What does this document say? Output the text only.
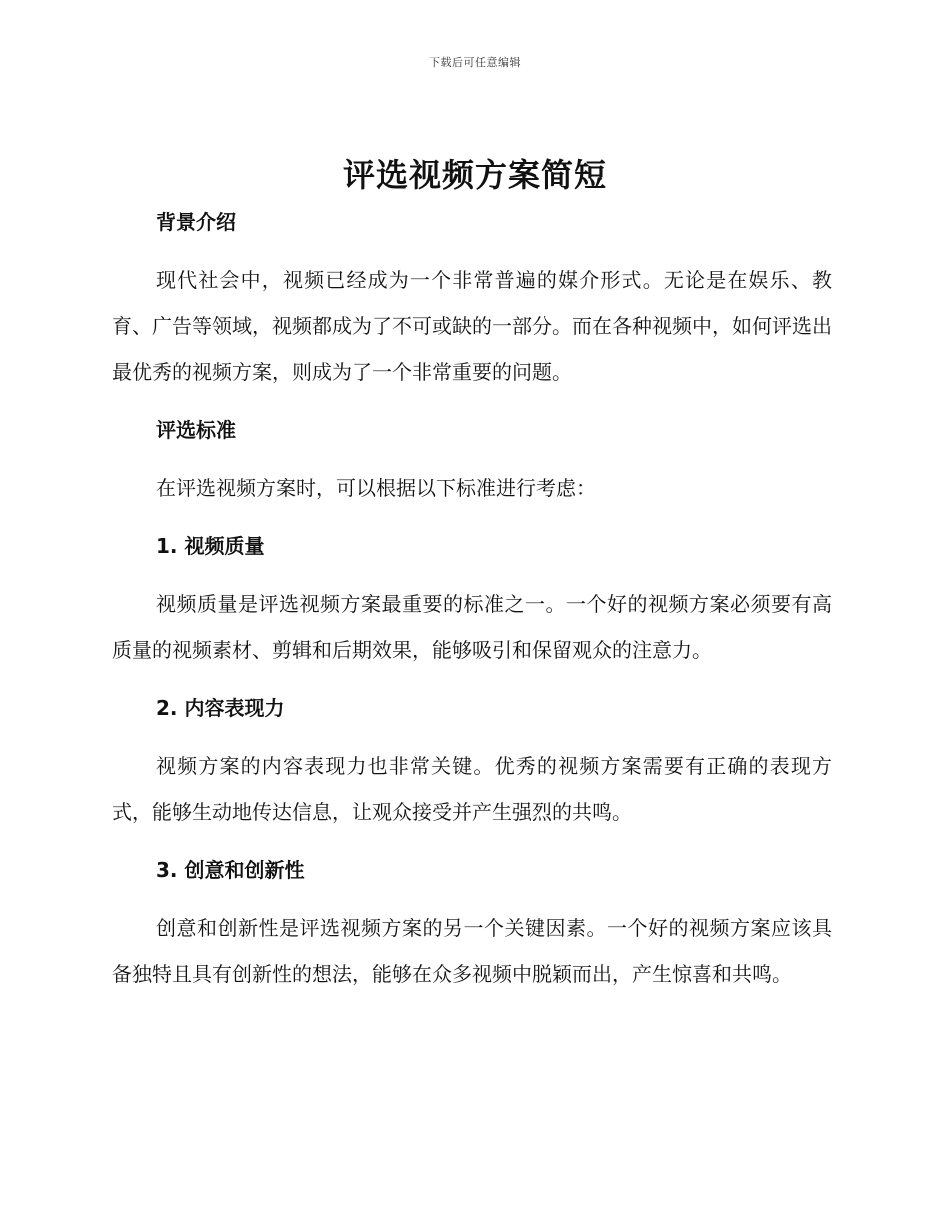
下载后可任意编辑
评选视频方案简短
背景介绍

现代社会中，视频已经成为一个非常普遍的媒介形式。无论是在娱乐、教育、广告等领域，视频都成为了不可或缺的一部分。而在各种视频中，如何评选出最优秀的视频方案，则成为了一个非常重要的问题。

评选标准

在评选视频方案时，可以根据以下标准进行考虑：

1. 视频质量

视频质量是评选视频方案最重要的标准之一。一个好的视频方案必须要有高质量的视频素材、剪辑和后期效果，能够吸引和保留观众的注意力。

2. 内容表现力

视频方案的内容表现力也非常关键。优秀的视频方案需要有正确的表现方式，能够生动地传达信息，让观众接受并产生强烈的共鸣。

3. 创意和创新性

创意和创新性是评选视频方案的另一个关键因素。一个好的视频方案应该具备独特且具有创新性的想法，能够在众多视频中脱颖而出，产生惊喜和共鸣。
